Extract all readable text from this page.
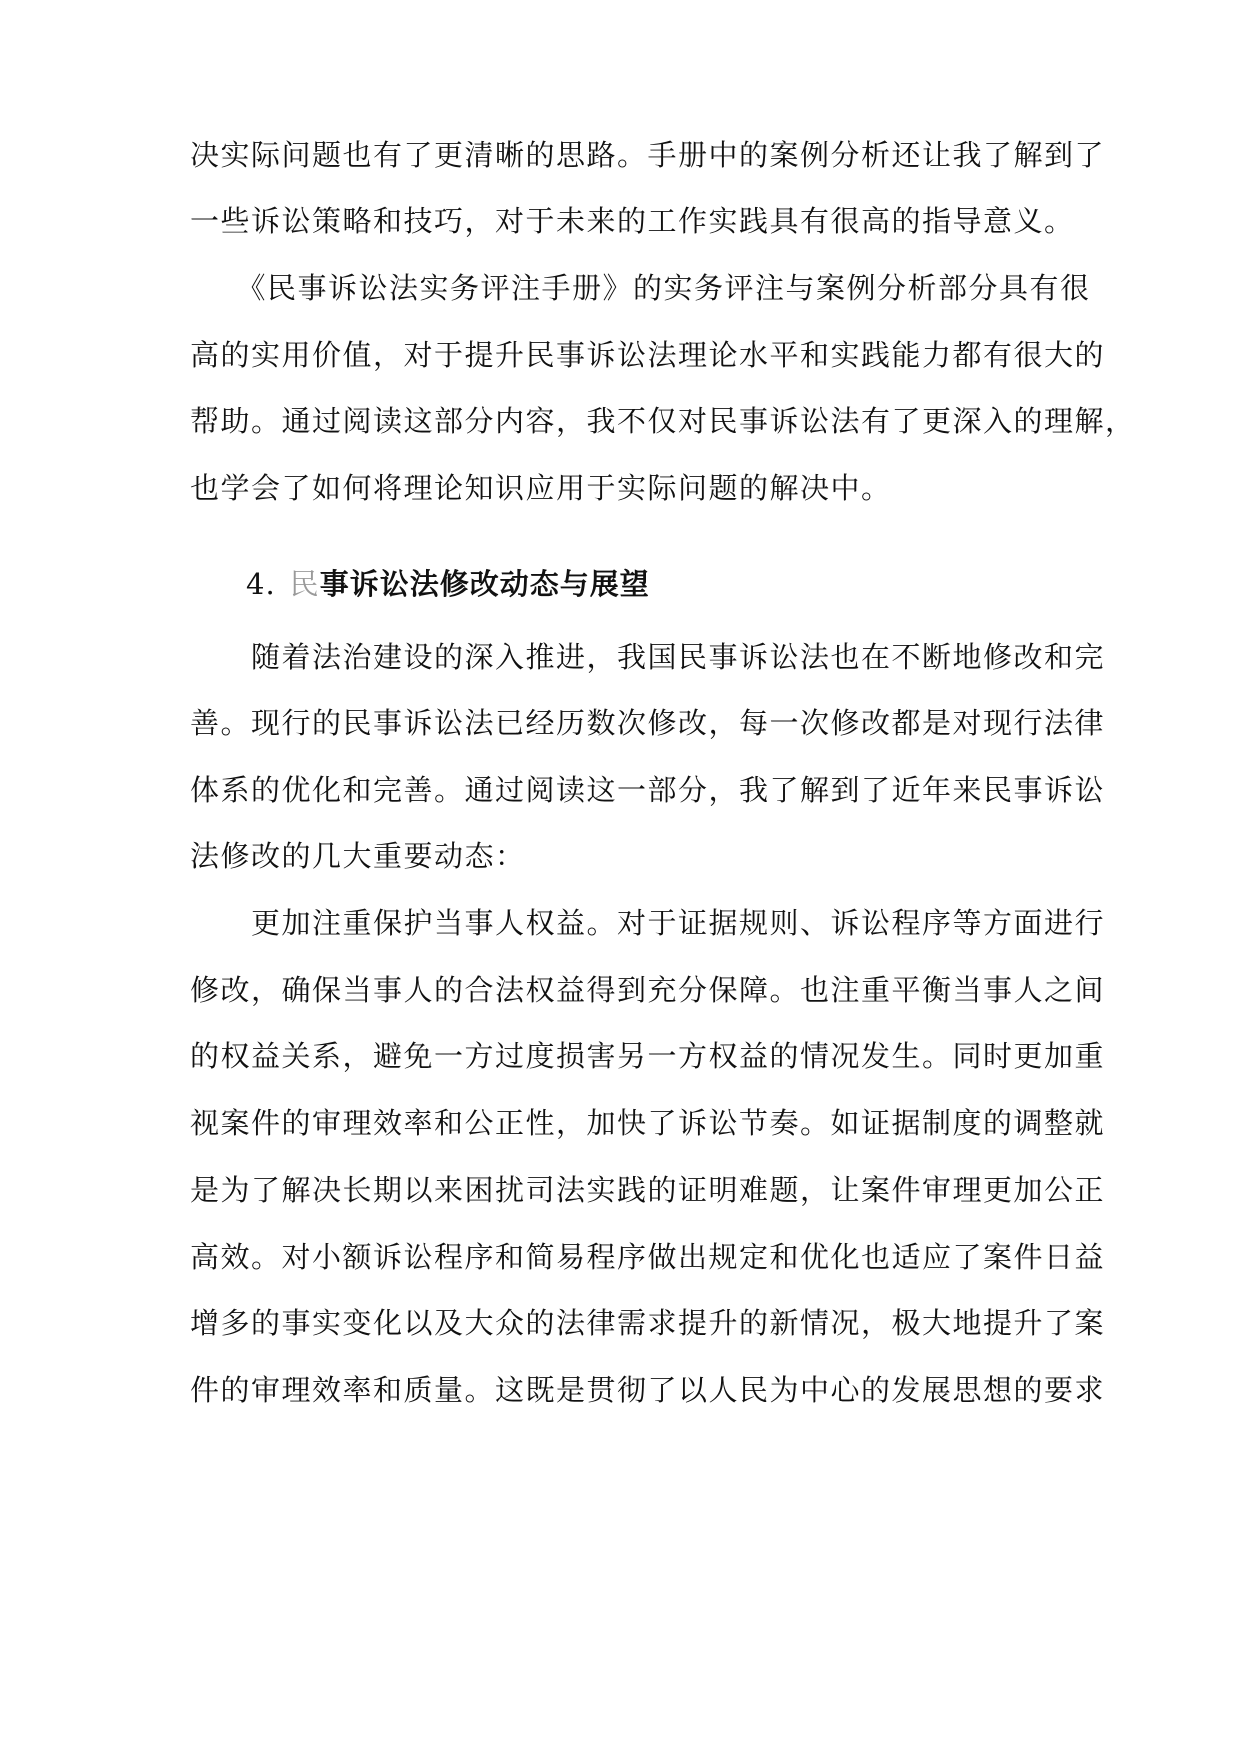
决实际问题也有了更清晰的思路。手册中的案例分析还让我了解到了
一些诉讼策略和技巧，对于未来的工作实践具有很高的指导意义。
　　《民事诉讼法实务评注手册》的实务评注与案例分析部分具有很
高的实用价值，对于提升民事诉讼法理论水平和实践能力都有很大的
帮助。通过阅读这部分内容，我不仅对民事诉讼法有了更深入的理解，
也学会了如何将理论知识应用于实际问题的解决中。
4. 民事诉讼法修改动态与展望
　　随着法治建设的深入推进，我国民事诉讼法也在不断地修改和完
善。现行的民事诉讼法已经历数次修改，每一次修改都是对现行法律
体系的优化和完善。通过阅读这一部分，我了解到了近年来民事诉讼
法修改的几大重要动态：
　　更加注重保护当事人权益。对于证据规则、诉讼程序等方面进行
修改，确保当事人的合法权益得到充分保障。也注重平衡当事人之间
的权益关系，避免一方过度损害另一方权益的情况发生。同时更加重
视案件的审理效率和公正性，加快了诉讼节奏。如证据制度的调整就
是为了解决长期以来困扰司法实践的证明难题，让案件审理更加公正
高效。对小额诉讼程序和简易程序做出规定和优化也适应了案件日益
增多的事实变化以及大众的法律需求提升的新情况，极大地提升了案
件的审理效率和质量。这既是贯彻了以人民为中心的发展思想的要求
